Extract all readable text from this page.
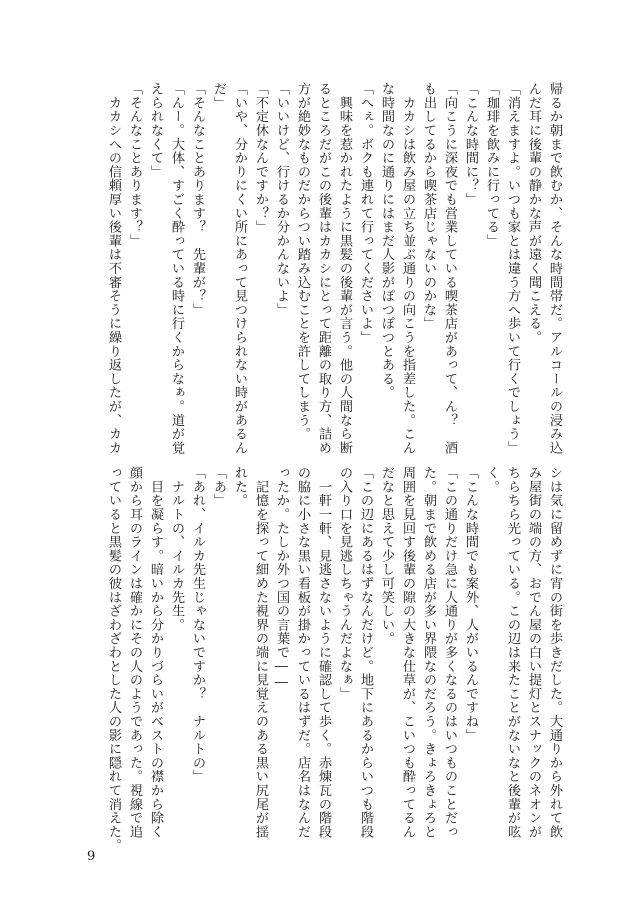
帰るか朝まで飲むか、そんな時間帯だ。アルコールの浸み込
んだ耳に後輩の静かな声が遠く聞こえる。
「消えますよ。いつも家とは違う方へ歩いて行くでしょう」
「珈琲を飲みに行ってる」
「こんな時間に？」
「向こうに深夜でも営業している喫茶店があって、ん？　酒
も出してるから喫茶店じゃないのかな」
　カカシは飲み屋の立ち並ぶ通りの向こうを指差した。こん
な時間なのに通りにはまだ人影がぽつぽつとある。
「へぇ。ボクも連れて行ってくださいよ」
　興味を惹かれたように黒髪の後輩が言う。他の人間なら断
るところだがこの後輩はカカシにとって距離の取り方、詰め
方が絶妙なものだからつい踏み込むことを許してしまう。
「いいけど、行けるか分かんないよ」
「不定休なんですか？」
「いや、分かりにくい所にあって見つけられない時があるん
だ」
「そんなことあります？　先輩が？」
「んー。大体、すごく酔っている時に行くからなぁ。道が覚
えられなくて」
「そんなことあります？」
　カカシへの信頼厚い後輩は不審そうに繰り返したが、カカ
シは気に留めずに宵の街を歩きだした。大通りから外れて飲
み屋街の端の方、おでん屋の白い提灯とスナックのネオンが
ちらちら光っている。この辺は来たことがないなと後輩が呟
く。
「こんな時間でも案外、人がいるんですね」
「この通りだけ急に人通りが多くなるのはいつものことだっ
た。朝まで飲める店が多い界隈なのだろう。きょろきょろと
周囲を見回す後輩の隙の大きな仕草が、こいつも酔ってるん
だなと思えて少し可笑しい。
「この辺にあるはずなんだけど。地下にあるからいつも階段
の入り口を見逃しちゃうんだよなぁ」
　一軒一軒、見逃さないように確認して歩く。赤煉瓦の階段
の脇に小さな黒い看板が掛かっているはずだ。店名はなんだ
ったか。たしか外つ国の言葉で――
　記憶を探って細めた視界の端に見覚えのある黒い尻尾が揺
れた。
「あ」
「あれ、イルカ先生じゃないですか？　ナルトの」
　ナルトの、イルカ先生。
　目を凝らす。暗いから分かりづらいがベストの襟から除く
顔から耳のラインは確かにその人のようであった。視線で追
っていると黒髪の彼はざわざわとした人の影に隠れて消えた。
9
